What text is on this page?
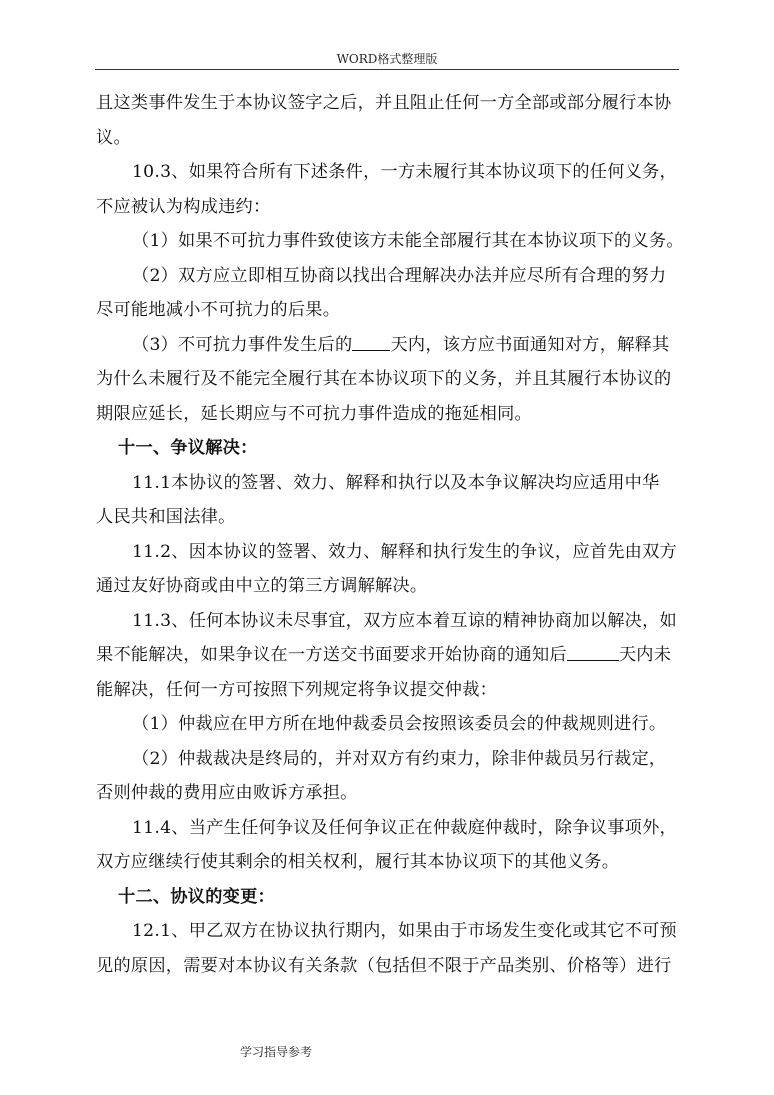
WORD格式整理版
且这类事件发生于本协议签字之后，并且阻止任何一方全部或部分履行本协
议。
10.3、如果符合所有下述条件，一方未履行其本协议项下的任何义务，
不应被认为构成违约：
（1）如果不可抗力事件致使该方未能全部履行其在本协议项下的义务。
（2）双方应立即相互协商以找出合理解决办法并应尽所有合理的努力
尽可能地减小不可抗力的后果。
（3）不可抗力事件发生后的 天内，该方应书面通知对方，解释其
为什么未履行及不能完全履行其在本协议项下的义务，并且其履行本协议的
期限应延长，延长期应与不可抗力事件造成的拖延相同。
十一、争议解决：
11.1本协议的签署、效力、解释和执行以及本争议解决均应适用中华
人民共和国法律。
11.2、因本协议的签署、效力、解释和执行发生的争议，应首先由双方
通过友好协商或由中立的第三方调解解决。
11.3、任何本协议未尽事宜，双方应本着互谅的精神协商加以解决，如
果不能解决，如果争议在一方送交书面要求开始协商的通知后	天内未
能解决，任何一方可按照下列规定将争议提交仲裁：
（1）仲裁应在甲方所在地仲裁委员会按照该委员会的仲裁规则进行。
（2）仲裁裁决是终局的，并对双方有约束力，除非仲裁员另行裁定，
否则仲裁的费用应由败诉方承担。
11.4、当产生任何争议及任何争议正在仲裁庭仲裁时，除争议事项外，
双方应继续行使其剩余的相关权利，履行其本协议项下的其他义务。
十二、协议的变更：
12.1、甲乙双方在协议执行期内，如果由于市场发生变化或其它不可预
见的原因，需要对本协议有关条款（包括但不限于产品类别、价格等）进行
学习指导参考
